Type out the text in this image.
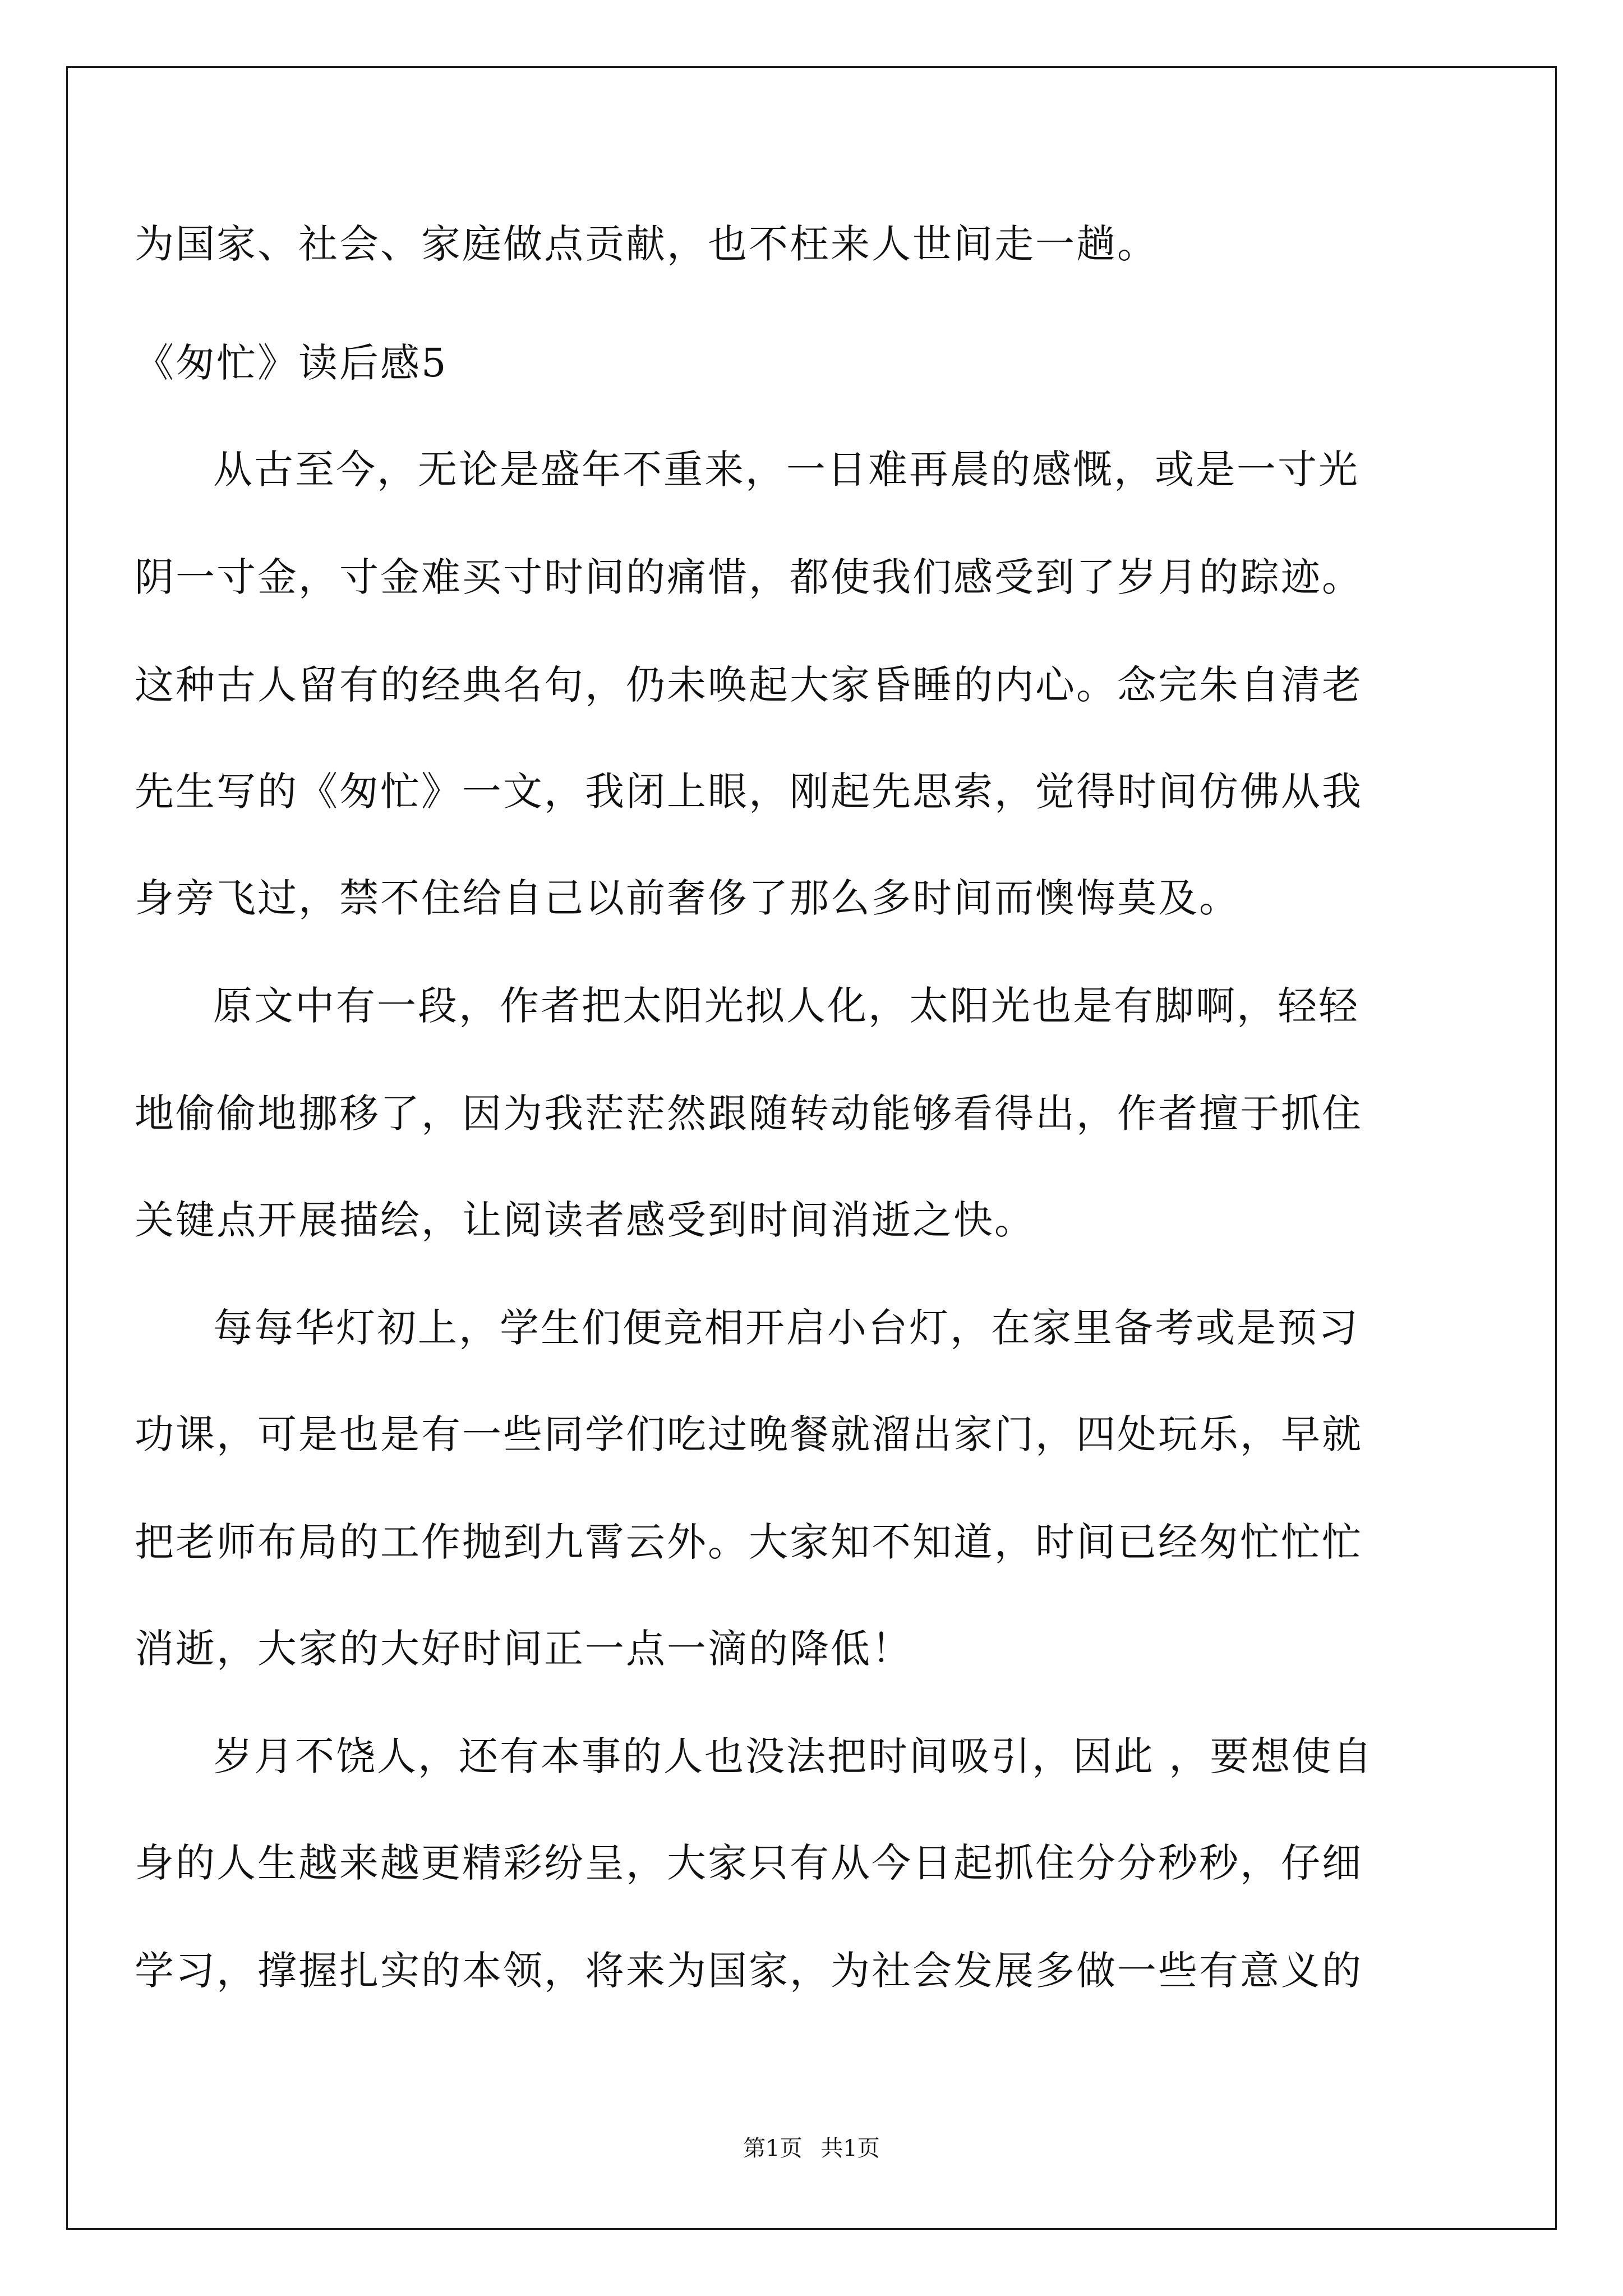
为国家、社会、家庭做点贡献，也不枉来人世间走一趟。
《匆忙》读后感5
从古至今，无论是盛年不重来，一日难再晨的感慨，或是一寸光
阴一寸金，寸金难买寸时间的痛惜，都使我们感受到了岁月的踪迹。
这种古人留有的经典名句，仍未唤起大家昏睡的内心。念完朱自清老
先生写的《匆忙》一文，我闭上眼，刚起先思索，觉得时间仿佛从我
身旁飞过，禁不住给自己以前奢侈了那么多时间而懊悔莫及。
原文中有一段，作者把太阳光拟人化，太阳光也是有脚啊，轻轻
地偷偷地挪移了，因为我茫茫然跟随转动能够看得出，作者擅于抓住
关键点开展描绘，让阅读者感受到时间消逝之快。
每每华灯初上，学生们便竞相开启小台灯，在家里备考或是预习
功课，可是也是有一些同学们吃过晚餐就溜出家门，四处玩乐，早就
把老师布局的工作抛到九霄云外。大家知不知道，时间已经匆忙忙忙
消逝，大家的大好时间正一点一滴的降低！
岁月不饶人，还有本事的人也没法把时间吸引，因此 ，要想使自
身的人生越来越更精彩纷呈，大家只有从今日起抓住分分秒秒，仔细
学习，撑握扎实的本领，将来为国家，为社会发展多做一些有意义的
第1页 共1页
